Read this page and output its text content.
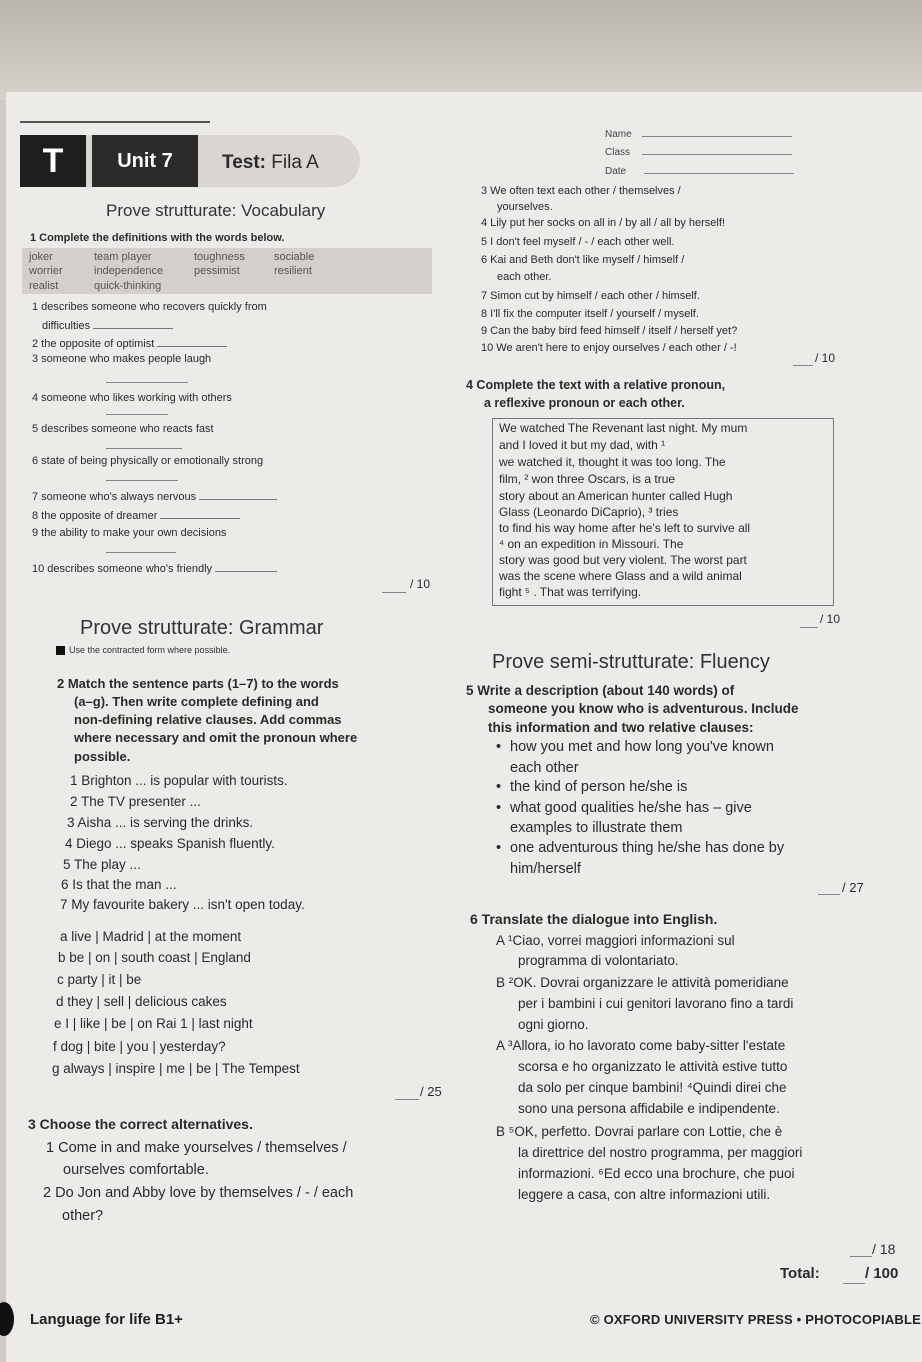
T	Unit 7	Test: Fila A
Name
Class
Date
Prove strutturate: Vocabulary
1 Complete the definitions with the words below.
joker	team player	toughness	sociable
worrier	independence	pessimist	resilient
realist	quick-thinking
1 describes someone who recovers quickly from
difficulties
2 the opposite of optimist
3 someone who makes people laugh
4 someone who likes working with others
5 describes someone who reacts fast
6 state of being physically or emotionally strong
7 someone who's always nervous
8 the opposite of dreamer
9 the ability to make your own decisions
10 describes someone who's friendly
/ 10
3 We often text each other / themselves /
yourselves.
4 Lily put her socks on all in / by all / all by herself!
5 I don't feel myself / - / each other well.
6 Kai and Beth don't like myself / himself /
each other.
7 Simon cut by himself / each other / himself.
8 I'll fix the computer itself / yourself / myself.
9 Can the baby bird feed himself / itself / herself yet?
10 We aren't here to enjoy ourselves / each other / -!
/ 10
4 Complete the text with a relative pronoun,
a reflexive pronoun or each other.

We watched The Revenant last night. My mum

and I loved it but my dad, with ¹

we watched it, thought it was too long. The

film, ² won three Oscars, is a true

story about an American hunter called Hugh

Glass (Leonardo DiCaprio), ³ tries

to find his way home after he's left to survive all

⁴ on an expedition in Missouri. The

story was good but very violent. The worst part

was the scene where Glass and a wild animal

fight ⁵ . That was terrifying.

/ 10
Prove strutturate: Grammar
Use the contracted form where possible.
2 Match the sentence parts (1–7) to the words
(a–g). Then write complete defining and
non-defining relative clauses. Add commas
where necessary and omit the pronoun where
possible.
1 Brighton ... is popular with tourists.
2 The TV presenter ...
3 Aisha ... is serving the drinks.
4 Diego ... speaks Spanish fluently.
5 The play ...
6 Is that the man ...
7 My favourite bakery ... isn't open today.
a live | Madrid | at the moment
b be | on | south coast | England
c party | it | be
d they | sell | delicious cakes
e I | like | be | on Rai 1 | last night
f dog | bite | you | yesterday?
g always | inspire | me | be | The Tempest
/ 25
3 Choose the correct alternatives.
1 Come in and make yourselves / themselves /
ourselves comfortable.
2 Do Jon and Abby love by themselves / - / each
other?
Prove semi-strutturate: Fluency
5 Write a description (about 140 words) of
someone you know who is adventurous. Include
this information and two relative clauses:
• how you met and how long you've known
each other
• the kind of person he/she is
• what good qualities he/she has – give
examples to illustrate them
• one adventurous thing he/she has done by
him/herself
/ 27
6 Translate the dialogue into English.
A ¹Ciao, vorrei maggiori informazioni sul
programma di volontariato.
B ²OK. Dovrai organizzare le attività pomeridiane
per i bambini i cui genitori lavorano fino a tardi
ogni giorno.
A ³Allora, io ho lavorato come baby-sitter l'estate
scorsa e ho organizzato le attività estive tutto
da solo per cinque bambini! ⁴Quindi direi che
sono una persona affidabile e indipendente.
B ⁵OK, perfetto. Dovrai parlare con Lottie, che è
la direttrice del nostro programma, per maggiori
informazioni. ⁶Ed ecco una brochure, che puoi
leggere a casa, con altre informazioni utili.
/ 18
Total:	/ 100
Language for life B1+	© OXFORD UNIVERSITY PRESS • PHOTOCOPIABLE
